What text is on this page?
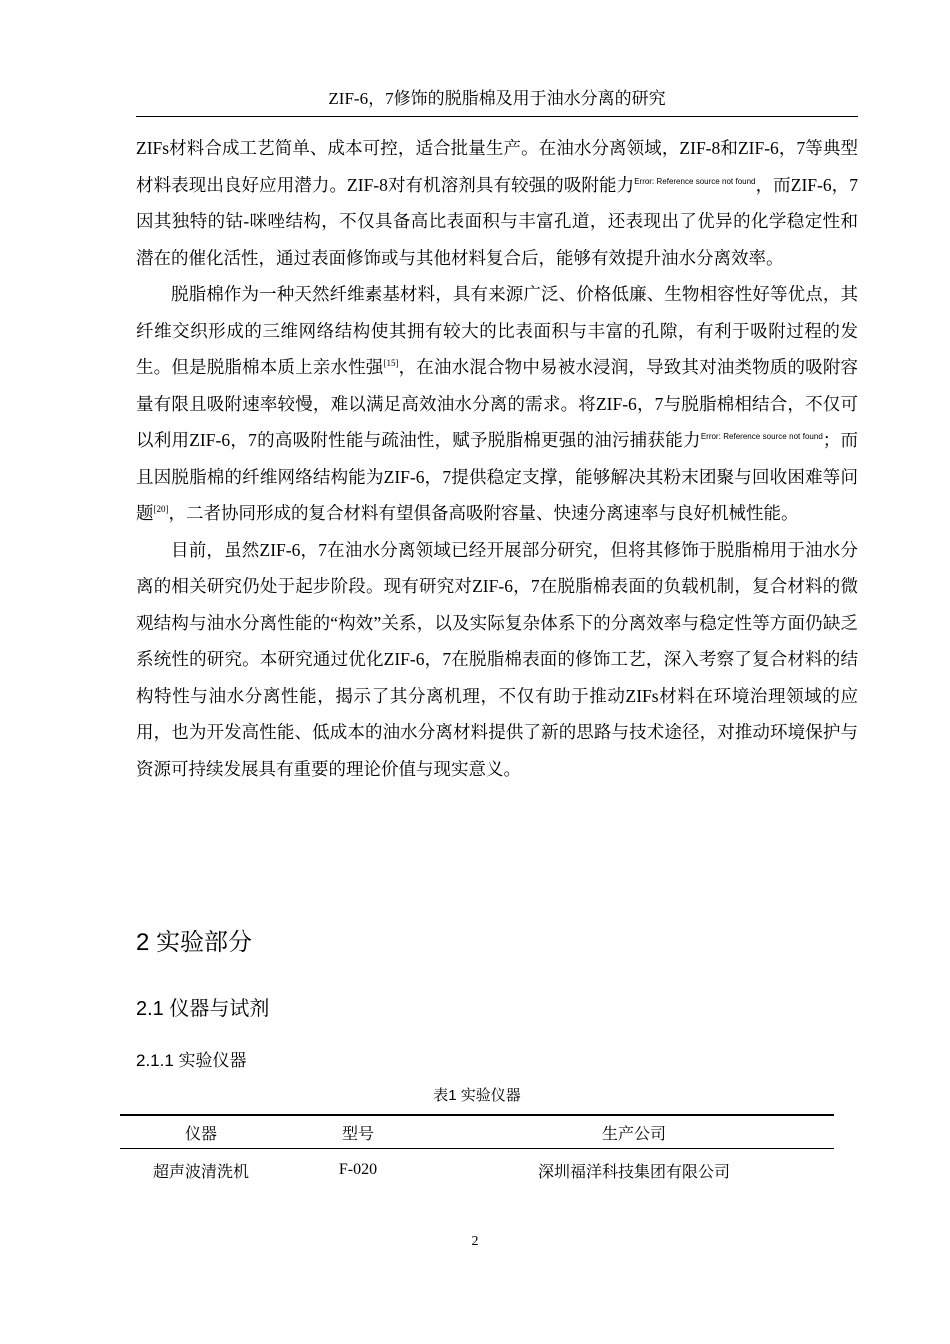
ZIF-6，7修饰的脱脂棉及用于油水分离的研究

ZIFs材料合成工艺简单、成本可控，适合批量生产。在油水分离领域，ZIF-8和ZIF-6，7等典型材料表现出良好应用潜力。ZIF-8对有机溶剂具有较强的吸附能力$^{Error: Reference source not found}$，而ZIF-6，7因其独特的钴-咪唑结构，不仅具备高比表面积与丰富孔道，还表现出了优异的化学稳定性和潜在的催化活性，通过表面修饰或与其他材料复合后，能够有效提升油水分离效率。

脱脂棉作为一种天然纤维素基材料，具有来源广泛、价格低廉、生物相容性好等优点，其纤维交织形成的三维网络结构使其拥有较大的比表面积与丰富的孔隙，有利于吸附过程的发生。但是脱脂棉本质上亲水性强[15]，在油水混合物中易被水浸润，导致其对油类物质的吸附容量有限且吸附速率较慢，难以满足高效油水分离的需求。将ZIF-6，7与脱脂棉相结合，不仅可以利用ZIF-6，7的高吸附性能与疏油性，赋予脱脂棉更强的油污捕获能力$^{Error: Reference source not found}$；而且因脱脂棉的纤维网络结构能为ZIF-6，7提供稳定支撑，能够解决其粉末团聚与回收困难等问题[20]，二者协同形成的复合材料有望俱备高吸附容量、快速分离速率与良好机械性能。

目前，虽然ZIF-6，7在油水分离领域已经开展部分研究，但将其修饰于脱脂棉用于油水分离的相关研究仍处于起步阶段。现有研究对ZIF-6，7在脱脂棉表面的负载机制，复合材料的微观结构与油水分离性能的“构效”关系，以及实际复杂体系下的分离效率与稳定性等方面仍缺乏系统性的研究。本研究通过优化ZIF-6，7在脱脂棉表面的修饰工艺，深入考察了复合材料的结构特性与油水分离性能，揭示了其分离机理，不仅有助于推动ZIFs材料在环境治理领域的应用，也为开发高性能、低成本的油水分离材料提供了新的思路与技术途径，对推动环境保护与资源可持续发展具有重要的理论价值与现实意义。

2 实验部分
2.1 仪器与试剂
2.1.1 实验仪器
表1 实验仪器
仪器	型号	生产公司
超声波清洗机	F-020	深圳福洋科技集团有限公司
2
